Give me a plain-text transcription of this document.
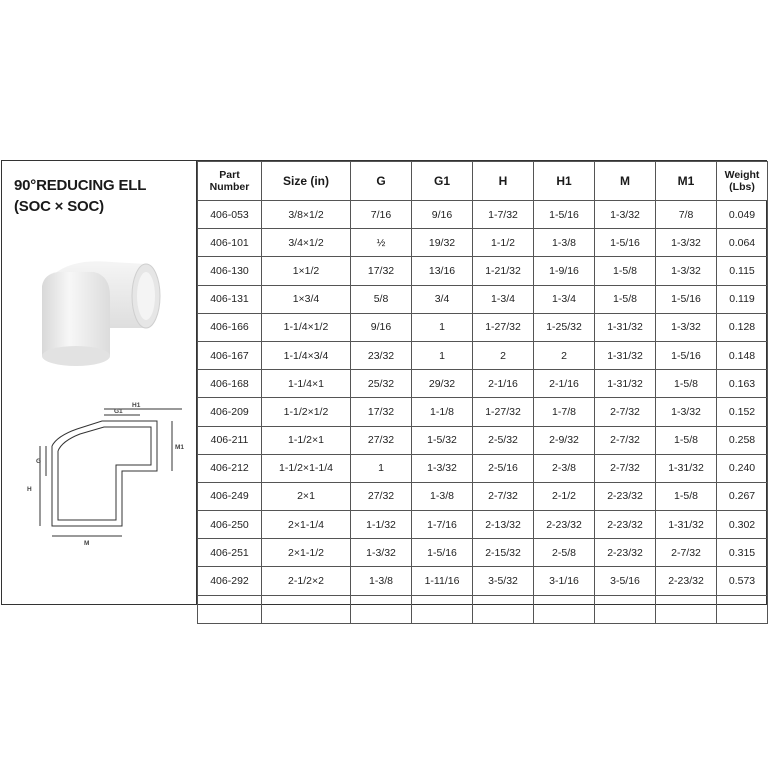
90°REDUCING ELL
(SOC × SOC)
H1
G1
G
H
M
M1
Part
Number	Size (in)	G	G1	H	H1	M	M1	Weight
(Lbs)

406-053	3/8×1/2	7/16	9/16	1-7/32	1-5/16	1-3/32	7/8	0.049
406-101	3/4×1/2	½	19/32	1-1/2	1-3/8	1-5/16	1-3/32	0.064
406-130	1×1/2	17/32	13/16	1-21/32	1-9/16	1-5/8	1-3/32	0.115
406-131	1×3/4	5/8	3/4	1-3/4	1-3/4	1-5/8	1-5/16	0.119
406-166	1-1/4×1/2	9/16	1	1-27/32	1-25/32	1-31/32	1-3/32	0.128
406-167	1-1/4×3/4	23/32	1	2	2	1-31/32	1-5/16	0.148
406-168	1-1/4×1	25/32	29/32	2-1/16	2-1/16	1-31/32	1-5/8	0.163
406-209	1-1/2×1/2	17/32	1-1/8	1-27/32	1-7/8	2-7/32	1-3/32	0.152
406-211	1-1/2×1	27/32	1-5/32	2-5/32	2-9/32	2-7/32	1-5/8	0.258
406-212	1-1/2×1-1/4	1	1-3/32	2-5/16	2-3/8	2-7/32	1-31/32	0.240
406-249	2×1	27/32	1-3/8	2-7/32	2-1/2	2-23/32	1-5/8	0.267
406-250	2×1-1/4	1-1/32	1-7/16	2-13/32	2-23/32	2-23/32	1-31/32	0.302
406-251	2×1-1/2	1-3/32	1-5/16	2-15/32	2-5/8	2-23/32	2-7/32	0.315
406-292	2-1/2×2	1-3/8	1-11/16	3-5/32	3-1/16	3-5/16	2-23/32	0.573
